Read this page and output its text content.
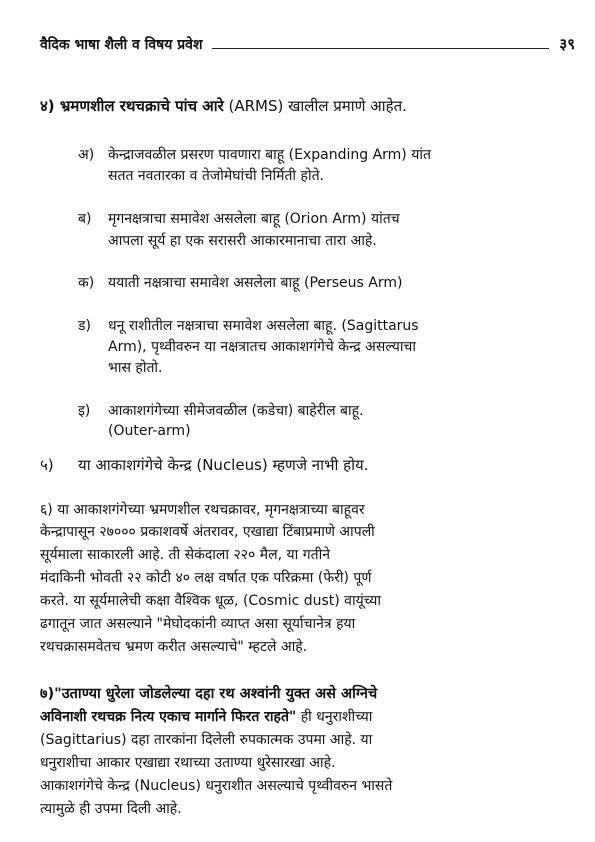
वैदिक भाषा शैली व विषय प्रवेश	३९
४) भ्रमणशील रथचक्राचे पांच आरे (ARMS) खालील प्रमाणे आहेत.
अ) केन्द्राजवळील प्रसरण पावणारा बाहू (Expanding Arm) यांत
सतत नवतारका व तेजोमेघांची निर्मिती होते.
ब) मृगनक्षत्राचा समावेश असलेला बाहू (Orion Arm) यांतच
आपला सूर्य हा एक सरासरी आकारमानाचा तारा आहे.
क) ययाती नक्षत्राचा समावेश असलेला बाहू (Perseus Arm)
ड) धनू राशीतील नक्षत्राचा समावेश असलेला बाहू. (Sagittarus
Arm), पृथ्वीवरुन या नक्षत्रातच आकाशगंगेचे केन्द्र असल्याचा
भास होतो.
इ) आकाशगंगेच्या सीमेजवळील (कडेचा) बाहेरील बाहू.
(Outer-arm)
५) या आकाशगंगेचे केन्द्र (Nucleus) म्हणजे नाभी होय.
६) या आकाशगंगेच्या भ्रमणशील रथचक्रावर, मृगनक्षत्राच्या बाहूवर
केन्द्रापासून २७००० प्रकाशवर्षे अंतरावर, एखाद्या टिंबाप्रमाणे आपली
सूर्यमाला साकारली आहे. ती सेकंदाला २२० मैल, या गतीने
मंदाकिनी भोवती २२ कोटी ४० लक्ष वर्षात एक परिक्रमा (फेरी) पूर्ण
करते. या सूर्यमालेची कक्षा वैश्विक धूळ, (Cosmic dust) वायूंच्या
ढगातून जात असल्याने "मेघोदकांनी व्याप्त असा सूर्याचानेत्र हया
रथचक्रासमवेतच भ्रमण करीत असल्याचे" म्हटले आहे.
७)"उताण्या धुरेला जोडलेल्या दहा रथ अश्वांनी युक्त असे अग्निचे
अविनाशी रथचक्र नित्य एकाच मार्गाने फिरत राहते" ही धनुराशीच्या
(Sagittarius) दहा तारकांना दिलेली रुपकात्मक उपमा आहे. या
धनुराशीचा आकार एखाद्या रथाच्या उताण्या धुरेसारखा आहे.
आकाशगंगेचे केन्द्र (Nucleus) धनुराशीत असल्याचे पृथ्वीवरुन भासते
त्यामुळे ही उपमा दिली आहे.
